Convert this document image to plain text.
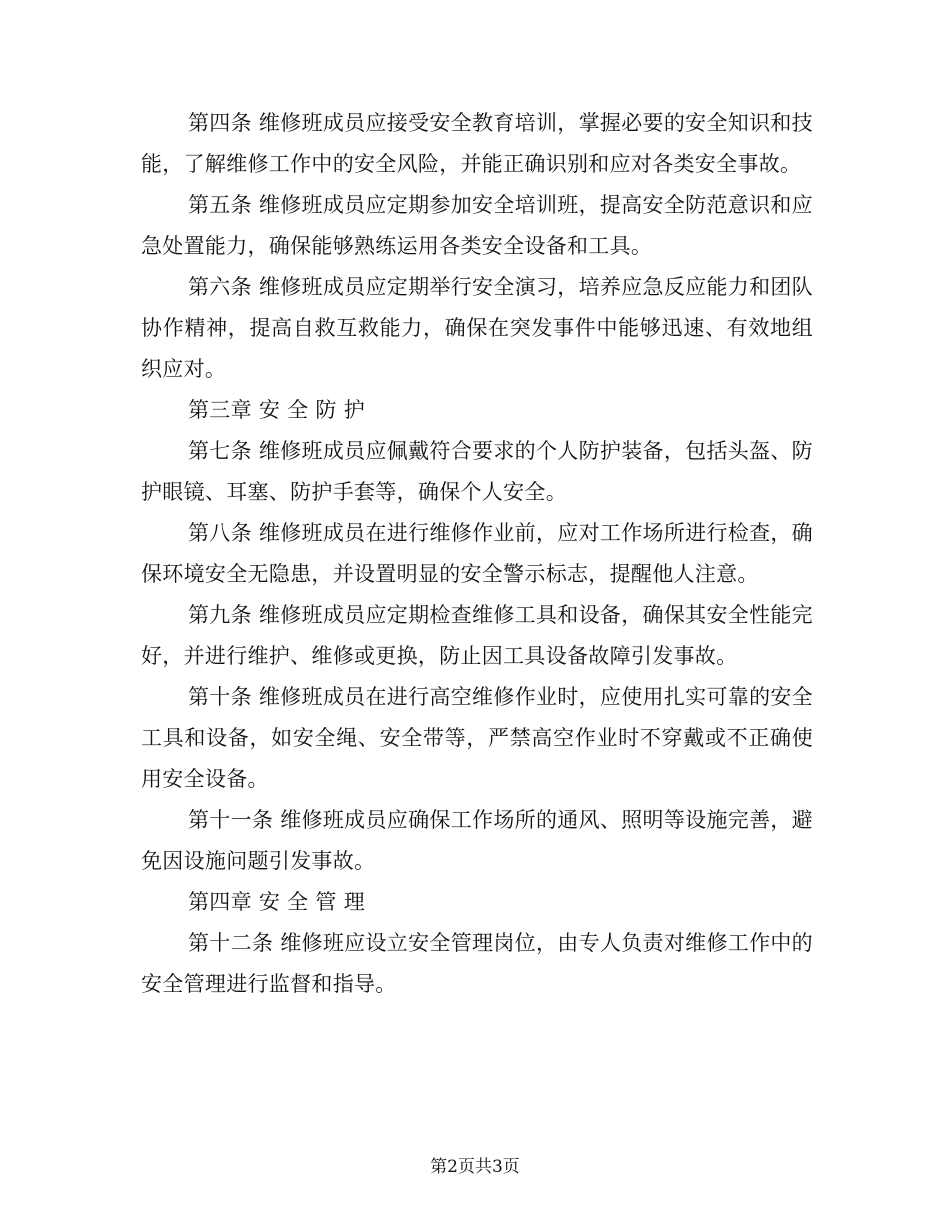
第四条 维修班成员应接受安全教育培训，掌握必要的安全知识和技能，了解维修工作中的安全风险，并能正确识别和应对各类安全事故。

第五条 维修班成员应定期参加安全培训班，提高安全防范意识和应急处置能力，确保能够熟练运用各类安全设备和工具。

第六条 维修班成员应定期举行安全演习，培养应急反应能力和团队协作精神，提高自救互救能力，确保在突发事件中能够迅速、有效地组织应对。

第三章 安 全 防 护

第七条 维修班成员应佩戴符合要求的个人防护装备，包括头盔、防护眼镜、耳塞、防护手套等，确保个人安全。

第八条 维修班成员在进行维修作业前，应对工作场所进行检查，确保环境安全无隐患，并设置明显的安全警示标志，提醒他人注意。

第九条 维修班成员应定期检查维修工具和设备，确保其安全性能完好，并进行维护、维修或更换，防止因工具设备故障引发事故。

第十条 维修班成员在进行高空维修作业时，应使用扎实可靠的安全工具和设备，如安全绳、安全带等，严禁高空作业时不穿戴或不正确使用安全设备。

第十一条 维修班成员应确保工作场所的通风、照明等设施完善，避免因设施问题引发事故。

第四章 安 全 管 理

第十二条 维修班应设立安全管理岗位，由专人负责对维修工作中的安全管理进行监督和指导。

第2页共3页
